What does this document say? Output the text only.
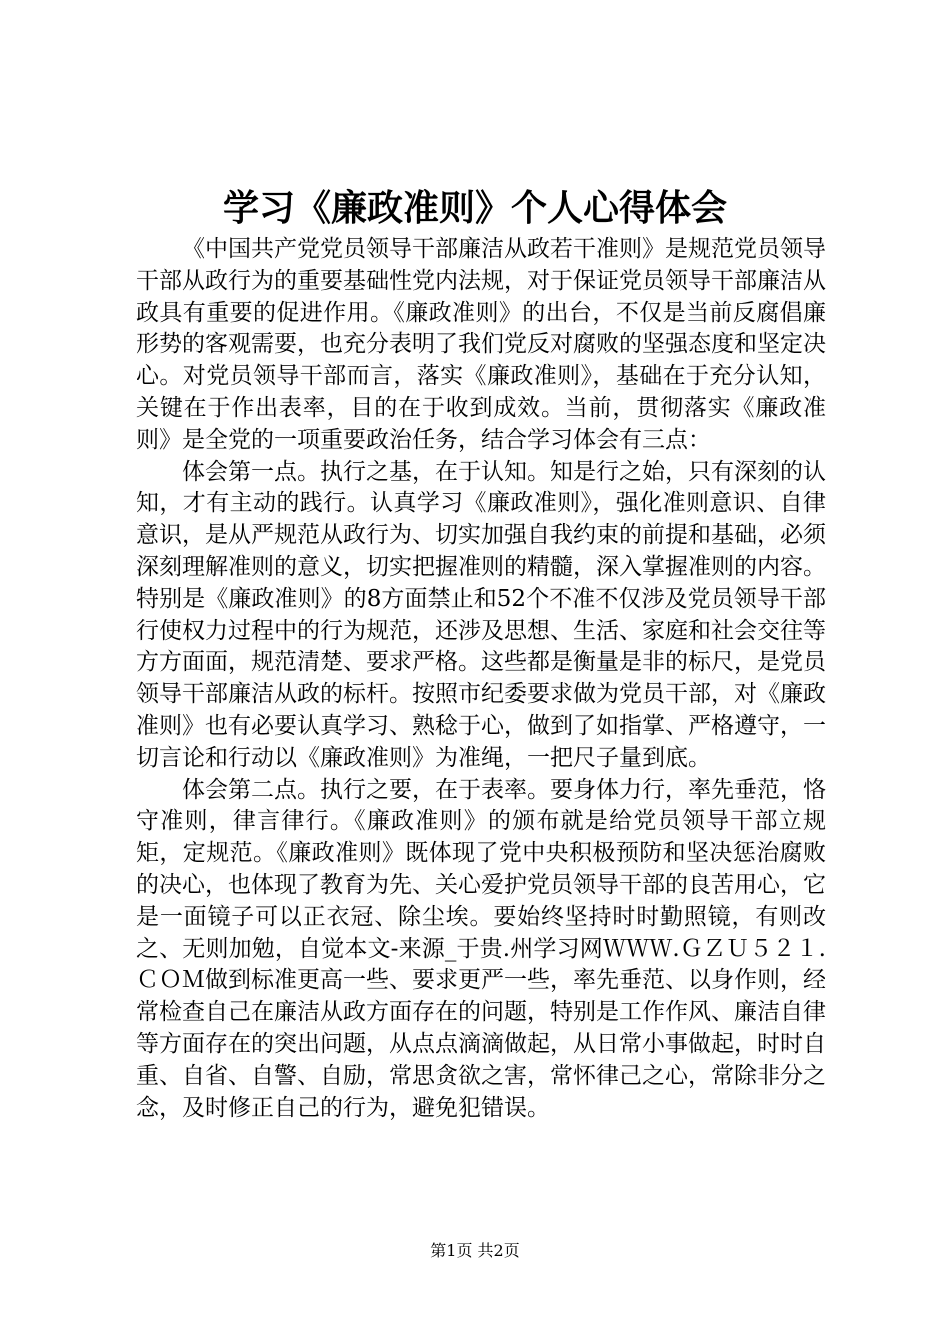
学习《廉政准则》个人心得体会

《中国共产党党员领导干部廉洁从政若干准则》是规范党员领导干部从政行为的重要基础性党内法规，对于保证党员领导干部廉洁从政具有重要的促进作用。《廉政准则》的出台，不仅是当前反腐倡廉形势的客观需要，也充分表明了我们党反对腐败的坚强态度和坚定决心。对党员领导干部而言，落实《廉政准则》，基础在于充分认知，关键在于作出表率，目的在于收到成效。当前，贯彻落实《廉政准则》是全党的一项重要政治任务，结合学习体会有三点：

体会第一点。执行之基，在于认知。知是行之始，只有深刻的认知，才有主动的践行。认真学习《廉政准则》，强化准则意识、自律意识，是从严规范从政行为、切实加强自我约束的前提和基础，必须深刻理解准则的意义，切实把握准则的精髓，深入掌握准则的内容。特别是《廉政准则》的8方面禁止和52个不准不仅涉及党员领导干部行使权力过程中的行为规范，还涉及思想、生活、家庭和社会交往等方方面面，规范清楚、要求严格。这些都是衡量是非的标尺，是党员领导干部廉洁从政的标杆。按照市纪委要求做为党员干部，对《廉政准则》也有必要认真学习、熟稔于心，做到了如指掌、严格遵守，一切言论和行动以《廉政准则》为准绳，一把尺子量到底。

体会第二点。执行之要，在于表率。要身体力行，率先垂范，恪守准则，律言律行。《廉政准则》的颁布就是给党员领导干部立规矩，定规范。《廉政准则》既体现了党中央积极预防和坚决惩治腐败的决心，也体现了教育为先、关心爱护党员领导干部的良苦用心，它是一面镜子可以正衣冠、除尘埃。要始终坚持时时勤照镜，有则改之、无则加勉，自觉本文-来源_于贵.州学习网ＷＷＷ.ＧＺＵ５２１.ＣＯＭ做到标准更高一些、要求更严一些，率先垂范、以身作则，经常检查自己在廉洁从政方面存在的问题，特别是工作作风、廉洁自律等方面存在的突出问题，从点点滴滴做起，从日常小事做起，时时自重、自省、自警、自励，常思贪欲之害，常怀律己之心，常除非分之念，及时修正自己的行为，避免犯错误。

第1页 共2页
